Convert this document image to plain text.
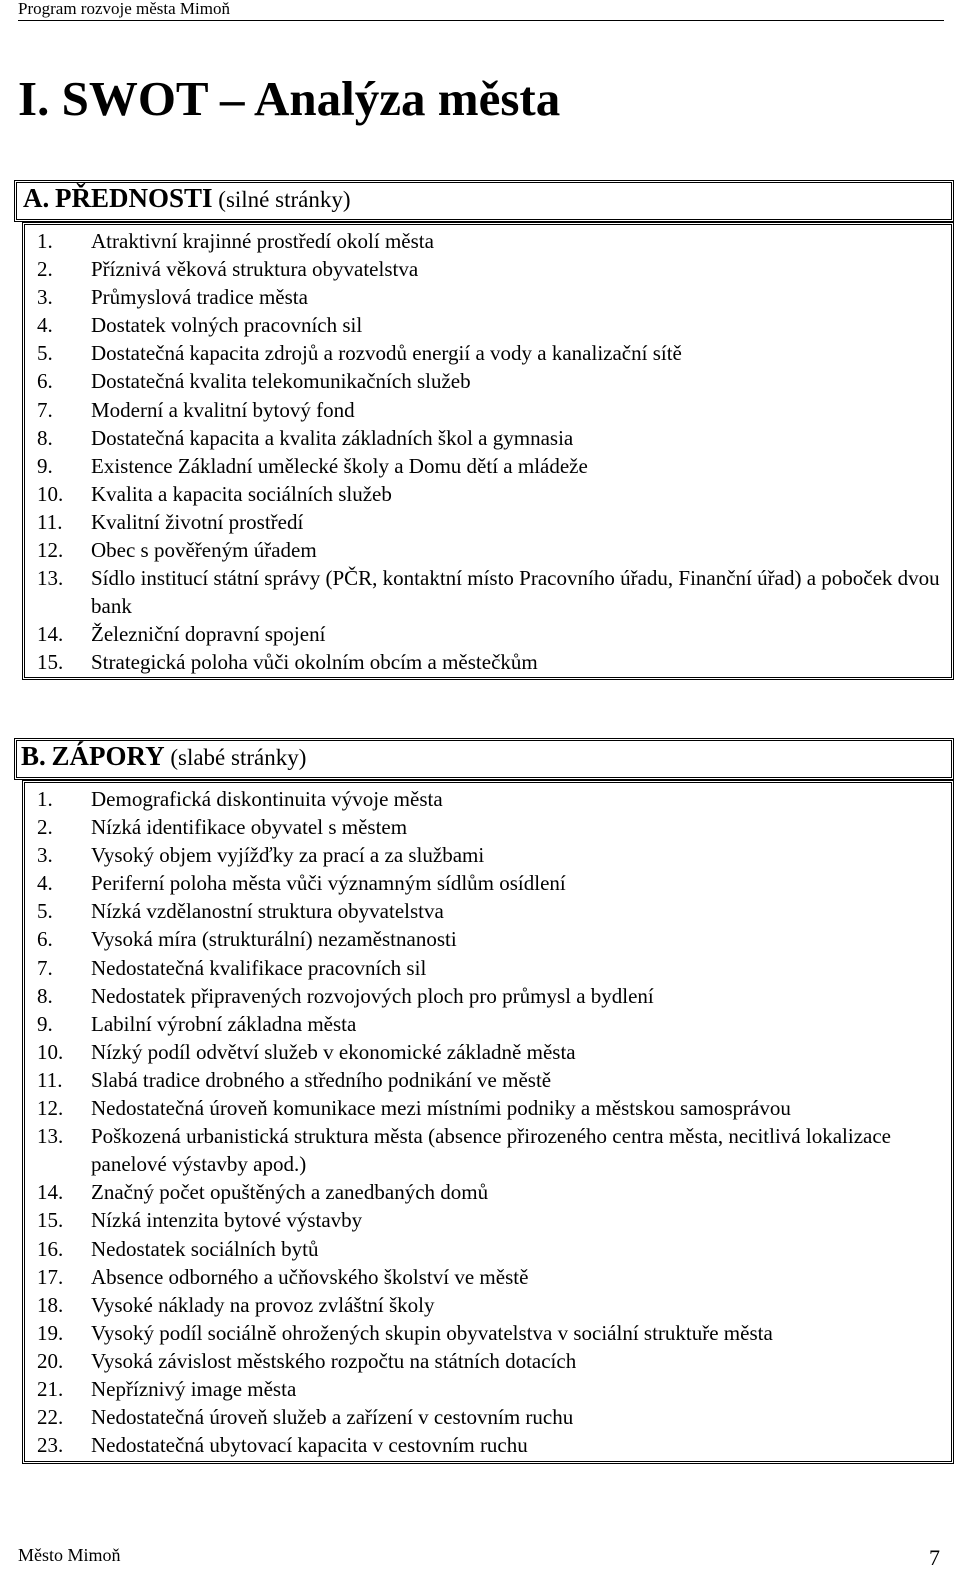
Program rozvoje města Mimoň
I. SWOT – Analýza města
A. PŘEDNOSTI (silné stránky)
1.	Atraktivní krajinné prostředí okolí města
2.	Příznivá věková struktura obyvatelstva
3.	Průmyslová tradice města
4.	Dostatek volných pracovních sil
5.	Dostatečná kapacita zdrojů a rozvodů energií a vody a kanalizační sítě
6.	Dostatečná kvalita telekomunikačních služeb
7.	Moderní a kvalitní bytový fond
8.	Dostatečná kapacita a kvalita základních škol a gymnasia
9.	Existence Základní umělecké školy a Domu dětí a mládeže
10.	Kvalita a kapacita sociálních služeb
11.	Kvalitní životní prostředí
12.	Obec s pověřeným úřadem
13.	Sídlo institucí státní správy (PČR, kontaktní místo Pracovního úřadu, Finanční úřad) a poboček dvou bank
14.	Železniční dopravní spojení
15.	Strategická poloha vůči okolním obcím a městečkům
B. ZÁPORY (slabé stránky)
1.	Demografická diskontinuita vývoje města
2.	Nízká identifikace obyvatel s městem
3.	Vysoký objem vyjížďky za prací a za službami
4.	Periferní poloha města vůči významným sídlům osídlení
5.	Nízká vzdělanostní struktura obyvatelstva
6.	Vysoká míra (strukturální) nezaměstnanosti
7.	Nedostatečná kvalifikace pracovních sil
8.	Nedostatek připravených rozvojových ploch pro průmysl a bydlení
9.	Labilní výrobní základna města
10.	Nízký podíl odvětví služeb v ekonomické základně města
11.	Slabá tradice drobného a středního podnikání ve městě
12.	Nedostatečná úroveň komunikace mezi místními podniky a městskou samosprávou
13.	Poškozená urbanistická struktura města (absence přirozeného centra města, necitlivá lokalizace panelové výstavby apod.)
14.	Značný počet opuštěných a zanedbaných domů
15.	Nízká intenzita bytové výstavby
16.	Nedostatek sociálních bytů
17.	Absence odborného a učňovského školství ve městě
18.	Vysoké náklady na provoz zvláštní školy
19.	Vysoký podíl sociálně ohrožených skupin obyvatelstva v sociální struktuře města
20.	Vysoká závislost městského rozpočtu na státních dotacích
21.	Nepříznivý image města
22.	Nedostatečná úroveň služeb a zařízení v cestovním ruchu
23.	Nedostatečná ubytovací kapacita v cestovním ruchu
Město Mimoň	7
